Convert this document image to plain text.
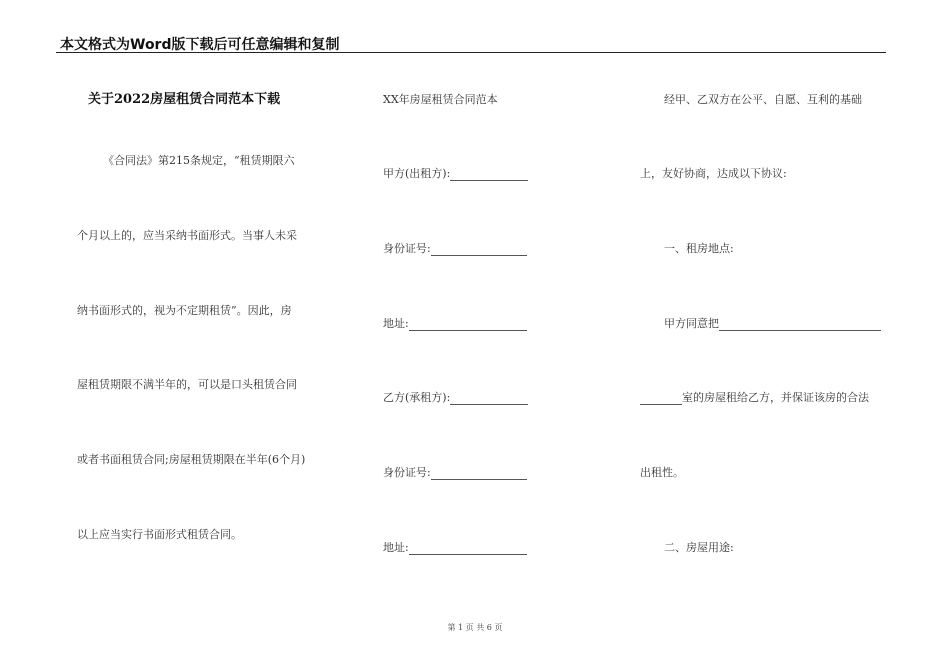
本文格式为Word版下载后可任意编辑和复制
关于2022房屋租赁合同范本下载
《合同法》第215条规定，“租赁期限六
个月以上的，应当采纳书面形式。当事人未采
纳书面形式的，视为不定期租赁”。因此，房
屋租赁期限不满半年的，可以是口头租赁合同
或者书面租赁合同;房屋租赁期限在半年(6个月)
以上应当实行书面形式租赁合同。
XX年房屋租赁合同范本
甲方(出租方):
身份证号:
地址:
乙方(承租方):
身份证号:
地址:
经甲、乙双方在公平、自愿、互利的基础
上，友好协商，达成以下协议:
一、租房地点:
甲方同意把
室的房屋租给乙方，并保证该房的合法
出租性。
二、房屋用途:
第 1 页 共 6 页
